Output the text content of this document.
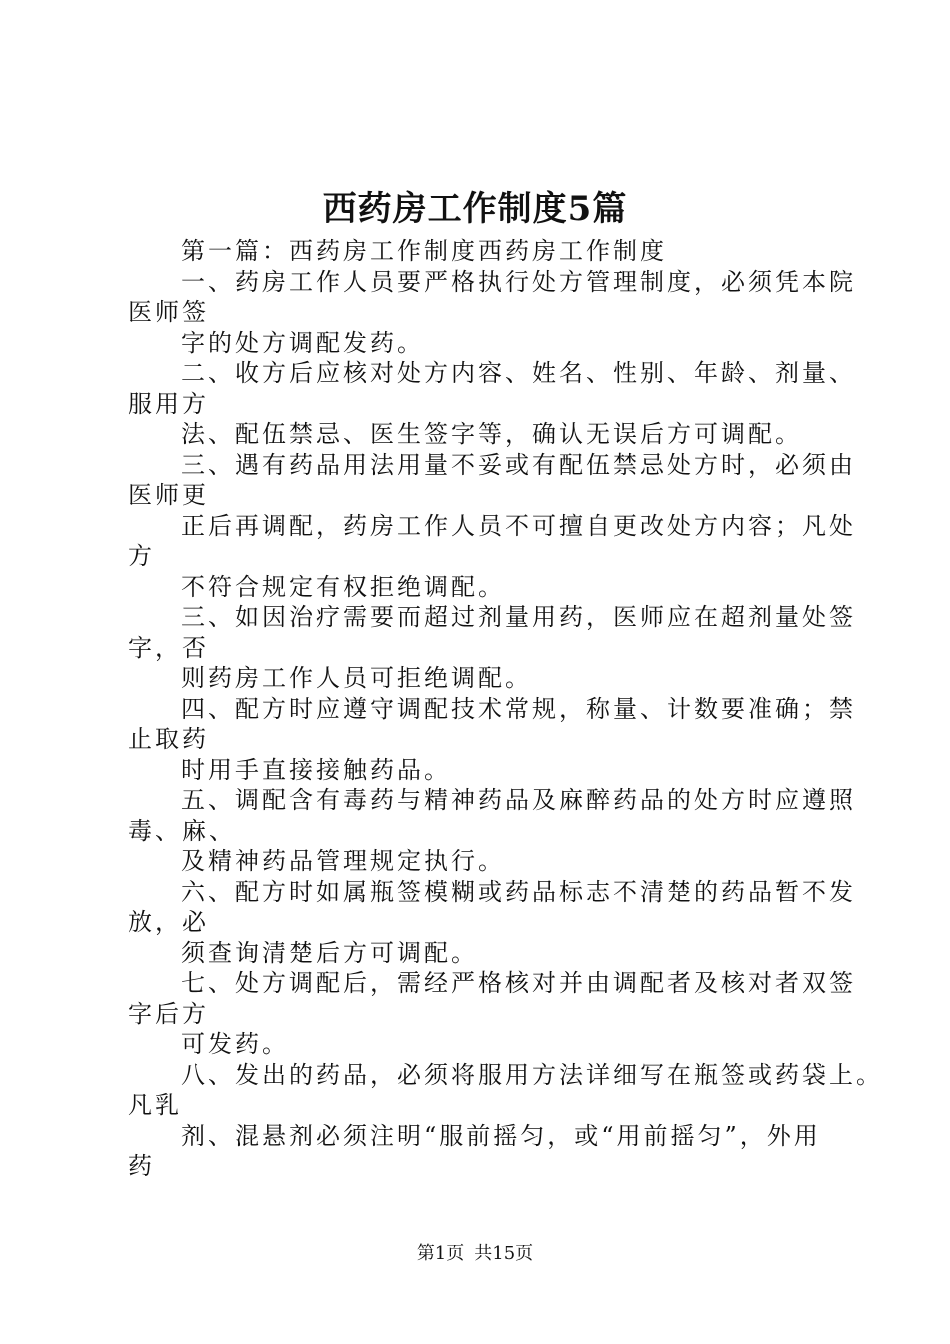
西药房工作制度5篇
第一篇：西药房工作制度西药房工作制度
一、药房工作人员要严格执行处方管理制度，必须凭本院
医师签
字的处方调配发药。
二、收方后应核对处方内容、姓名、性别、年龄、剂量、
服用方
法、配伍禁忌、医生签字等，确认无误后方可调配。
三、遇有药品用法用量不妥或有配伍禁忌处方时，必须由
医师更
正后再调配，药房工作人员不可擅自更改处方内容；凡处
方
不符合规定有权拒绝调配。
三、如因治疗需要而超过剂量用药，医师应在超剂量处签
字，否
则药房工作人员可拒绝调配。
四、配方时应遵守调配技术常规，称量、计数要准确；禁
止取药
时用手直接接触药品。
五、调配含有毒药与精神药品及麻醉药品的处方时应遵照
毒、麻、
及精神药品管理规定执行。
六、配方时如属瓶签模糊或药品标志不清楚的药品暂不发
放，必
须查询清楚后方可调配。
七、处方调配后，需经严格核对并由调配者及核对者双签
字后方
可发药。
八、发出的药品，必须将服用方法详细写在瓶签或药袋上。
凡乳
剂、混悬剂必须注明“服前摇匀，或“用前摇匀”，外用
药
第1页 共15页
